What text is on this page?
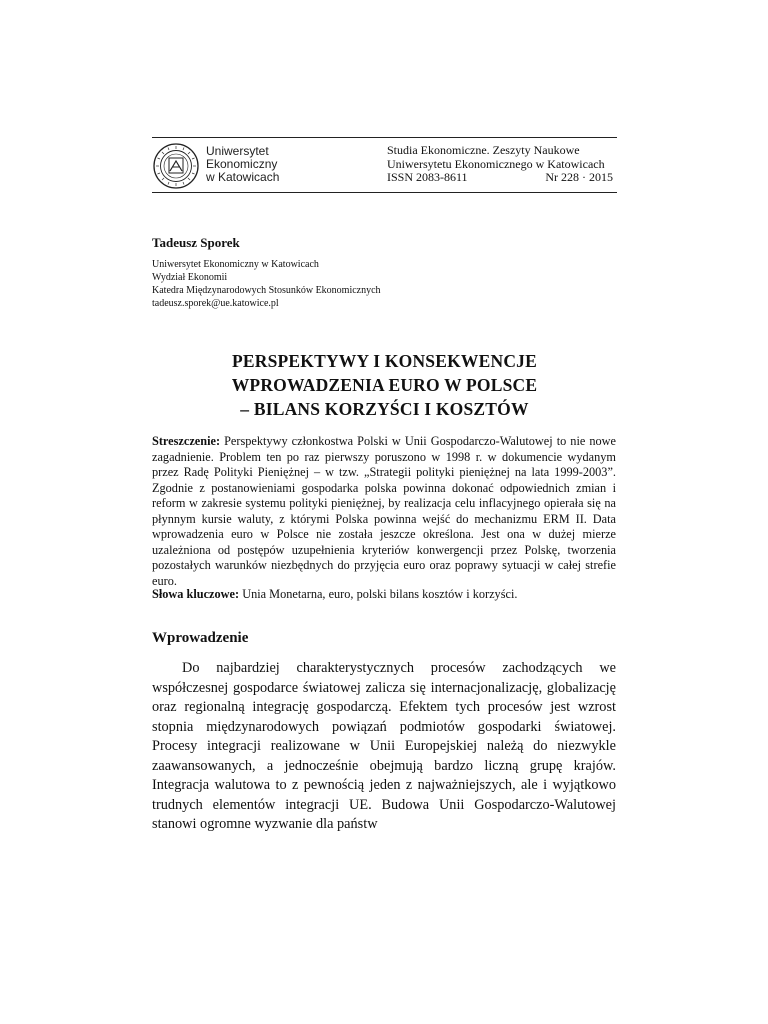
Uniwersytet
Ekonomiczny
w Katowicach
Studia Ekonomiczne. Zeszyty Naukowe
Uniwersytetu Ekonomicznego w Katowicach
ISSN 2083-8611	Nr 228 · 2015
Tadeusz Sporek
Uniwersytet Ekonomiczny w Katowicach
Wydział Ekonomii
Katedra Międzynarodowych Stosunków Ekonomicznych
tadeusz.sporek@ue.katowice.pl
PERSPEKTYWY I KONSEKWENCJE
WPROWADZENIA EURO W POLSCE
– BILANS KORZYŚCI I KOSZTÓW
Streszczenie: Perspektywy członkostwa Polski w Unii Gospodarczo-Walutowej to nie nowe zagadnienie. Problem ten po raz pierwszy poruszono w 1998 r. w dokumencie wydanym przez Radę Polityki Pieniężnej – w tzw. „Strategii polityki pieniężnej na lata 1999-2003”. Zgodnie z postanowieniami gospodarka polska powinna dokonać odpowiednich zmian i reform w zakresie systemu polityki pieniężnej, by realizacja celu inflacyjnego opierała się na płynnym kursie waluty, z którymi Polska powinna wejść do mechanizmu ERM II. Data wprowadzenia euro w Polsce nie została jeszcze określona. Jest ona w dużej mierze uzależniona od postępów uzupełnienia kryteriów konwergencji przez Polskę, tworzenia pozostałych warunków niezbędnych do przyjęcia euro oraz poprawy sytuacji w całej strefie euro.
Słowa kluczowe: Unia Monetarna, euro, polski bilans kosztów i korzyści.
Wprowadzenie
Do najbardziej charakterystycznych procesów zachodzących we współczesnej gospodarce światowej zalicza się internacjonalizację, globalizację oraz regionalną integrację gospodarczą. Efektem tych procesów jest wzrost stopnia międzynarodowych powiązań podmiotów gospodarki światowej. Procesy integracji realizowane w Unii Europejskiej należą do niezwykle zaawansowanych, a jednocześnie obejmują bardzo liczną grupę krajów. Integracja walutowa to z pewnością jeden z najważniejszych, ale i wyjątkowo trudnych elementów integracji UE. Budowa Unii Gospodarczo-Walutowej stanowi ogromne wyzwanie dla państw
